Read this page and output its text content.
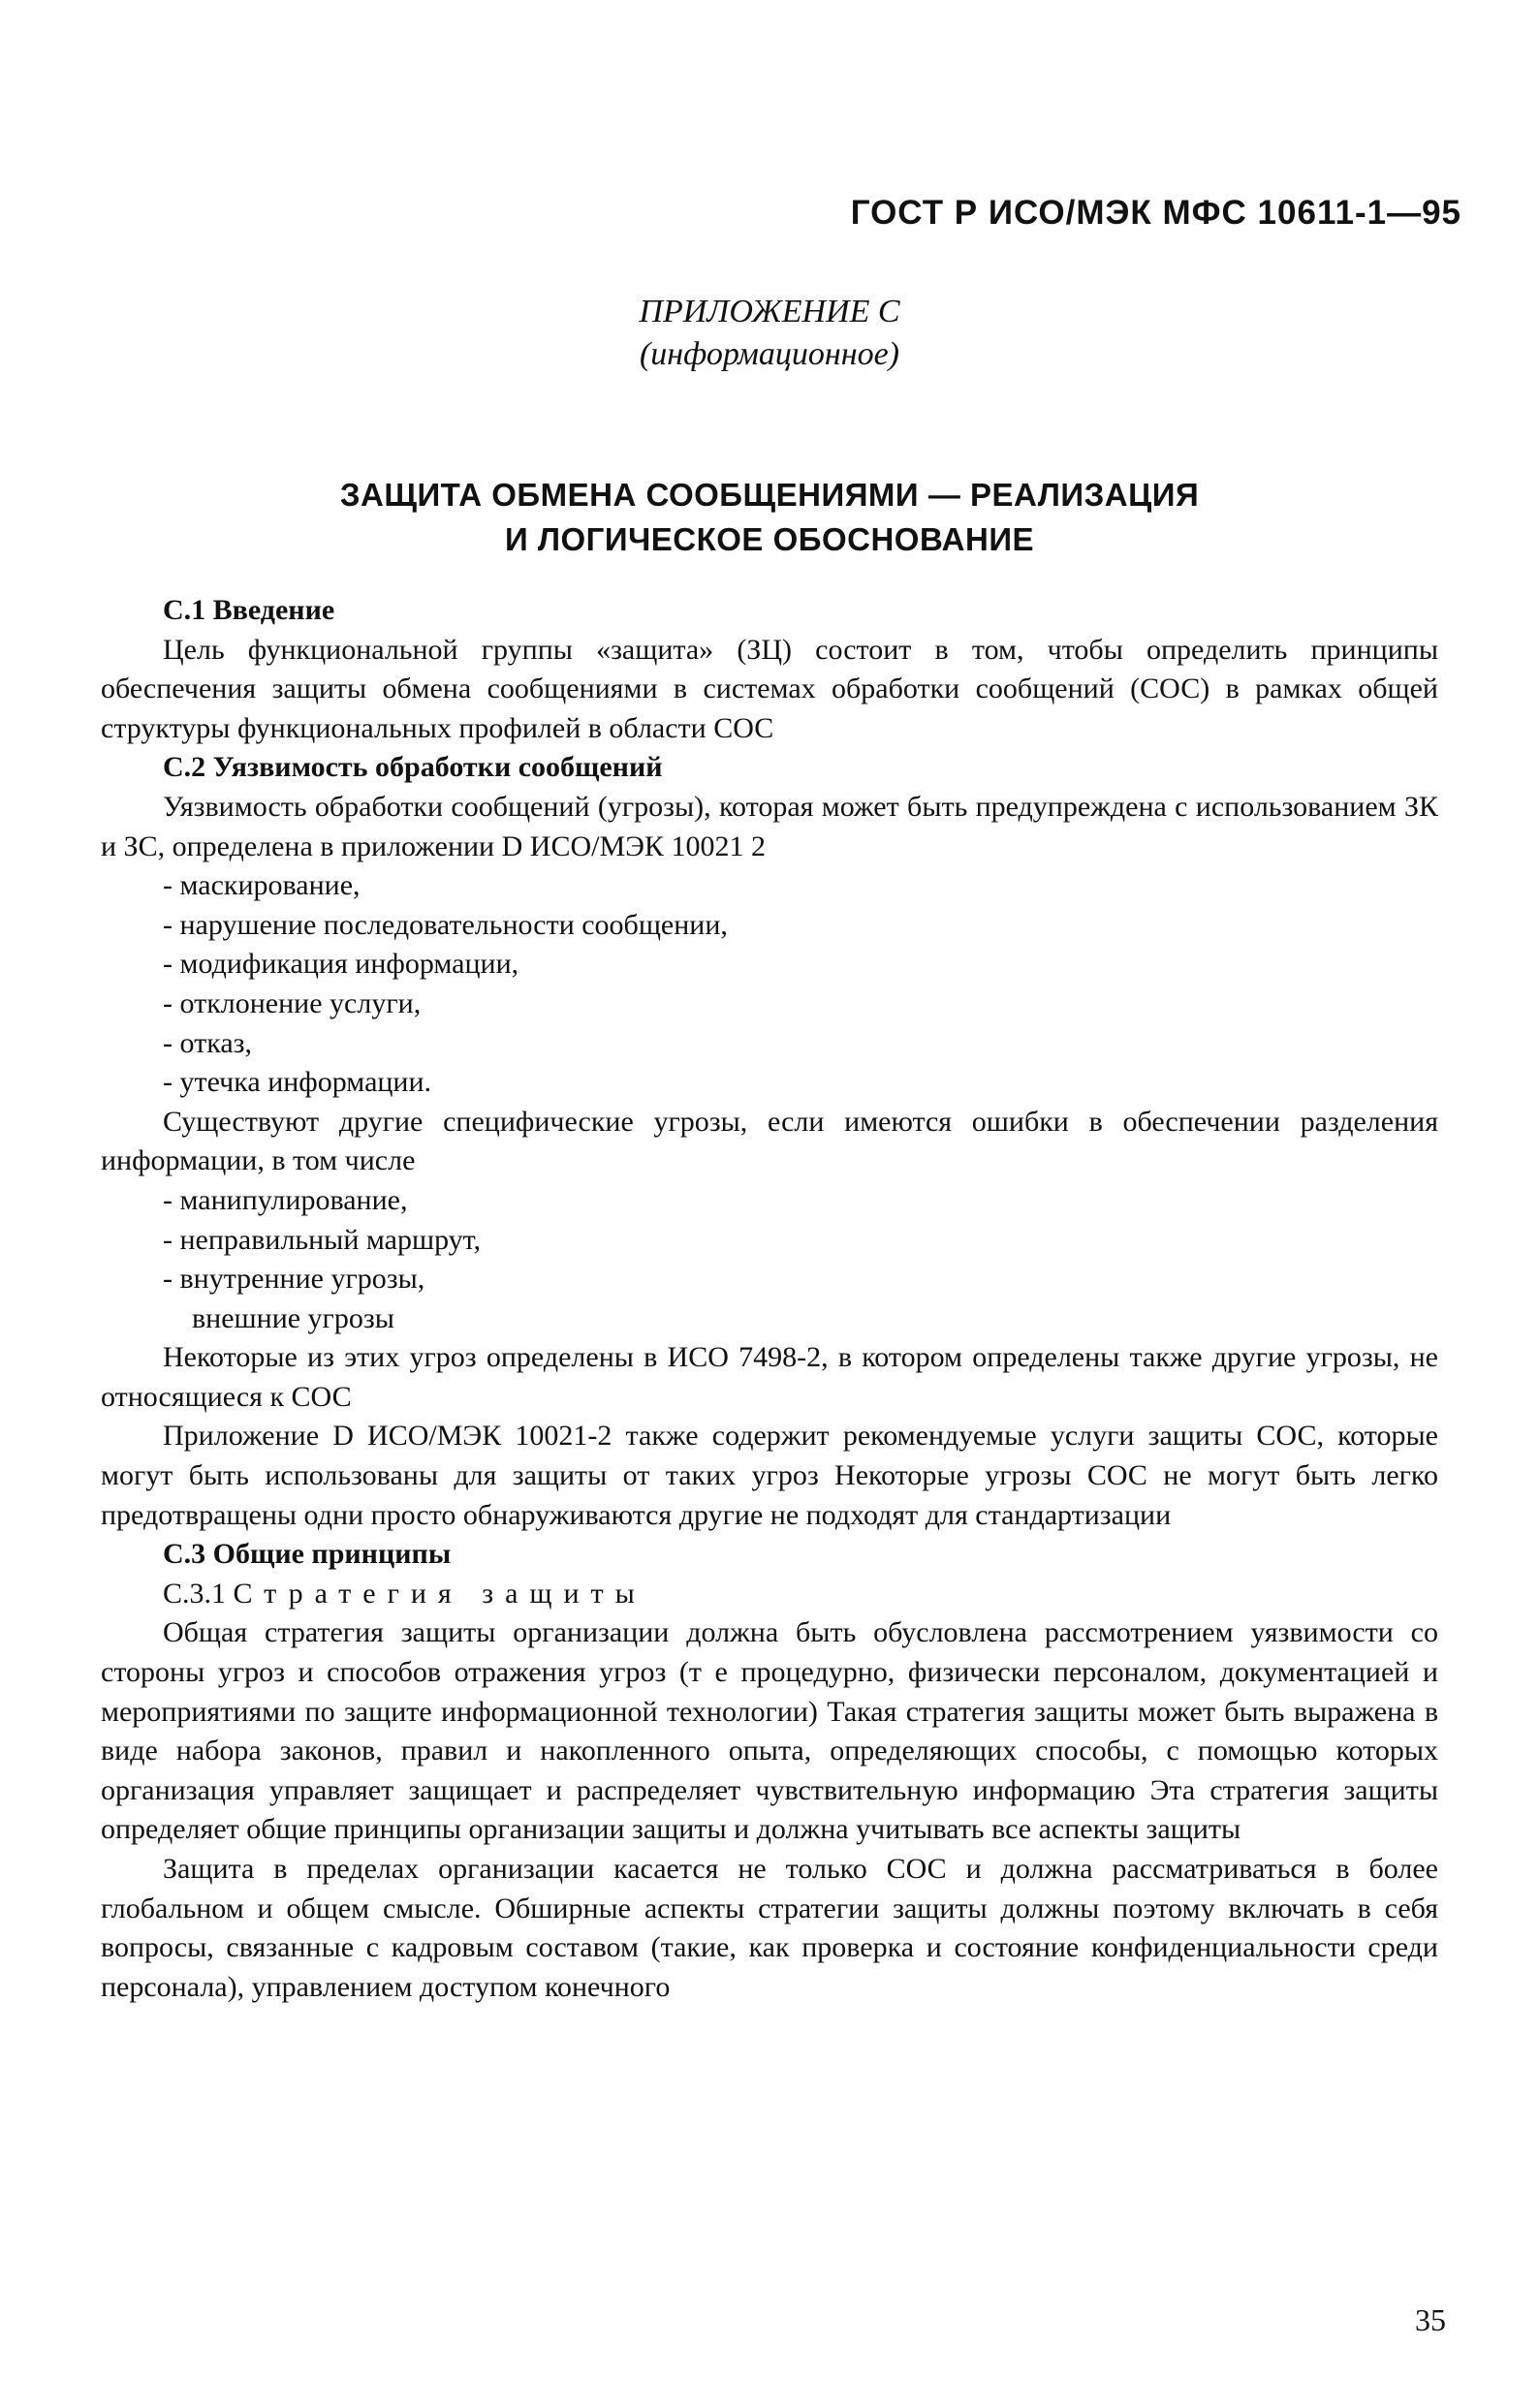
ГОСТ Р ИСО/МЭК МФС 10611-1—95
ПРИЛОЖЕНИЕ С
(информационное)
ЗАЩИТА ОБМЕНА СООБЩЕНИЯМИ — РЕАЛИЗАЦИЯ
И ЛОГИЧЕСКОЕ ОБОСНОВАНИЕ
С.1 Введение

Цель функциональной группы «защита» (ЗЦ) состоит в том, чтобы определить принципы обеспечения защиты обмена сообщениями в системах обработки сообщений (СОС) в рамках общей структуры функциональных профилей в области СОС

С.2 Уязвимость обработки сообщений

Уязвимость обработки сообщений (угрозы), которая может быть предупреждена с использованием ЗК и ЗС, определена в приложении D ИСО/МЭК 10021 2

- маскирование,
- нарушение последовательности сообщении,
- модификация информации,
- отклонение услуги,
- отказ,
- утечка информации.

Существуют другие специфические угрозы, если имеются ошибки в обеспечении разделения информации, в том числе

- манипулирование,
- неправильный маршрут,
- внутренние угрозы,
внешние угрозы

Некоторые из этих угроз определены в ИСО 7498-2, в котором определены также другие угрозы, не относящиеся к СОС

Приложение D ИСО/МЭК 10021-2 также содержит рекомендуемые услуги защиты СОС, которые могут быть использованы для защиты от таких угроз Некоторые угрозы СОС не могут быть легко предотвращены одни просто обнаруживаются другие не подходят для стандартизации

С.3 Общие принципы
С.3.1 Стратегия защиты

Общая стратегия защиты организации должна быть обусловлена рассмотрением уязвимости со стороны угроз и способов отражения угроз (т е процедурно, физически персоналом, документацией и мероприятиями по защите информационной технологии) Такая стратегия защиты может быть выражена в виде набора законов, правил и накопленного опыта, определяющих способы, с помощью которых организация управляет защищает и распределяет чувствительную информацию Эта стратегия защиты определяет общие принципы организации защиты и должна учитывать все аспекты защиты

Защита в пределах организации касается не только СОС и должна рассматриваться в более глобальном и общем смысле. Обширные аспекты стратегии защиты должны поэтому включать в себя вопросы, связанные с кадровым составом (такие, как проверка и состояние конфиденциальности среди персонала), управлением доступом конечного

35
